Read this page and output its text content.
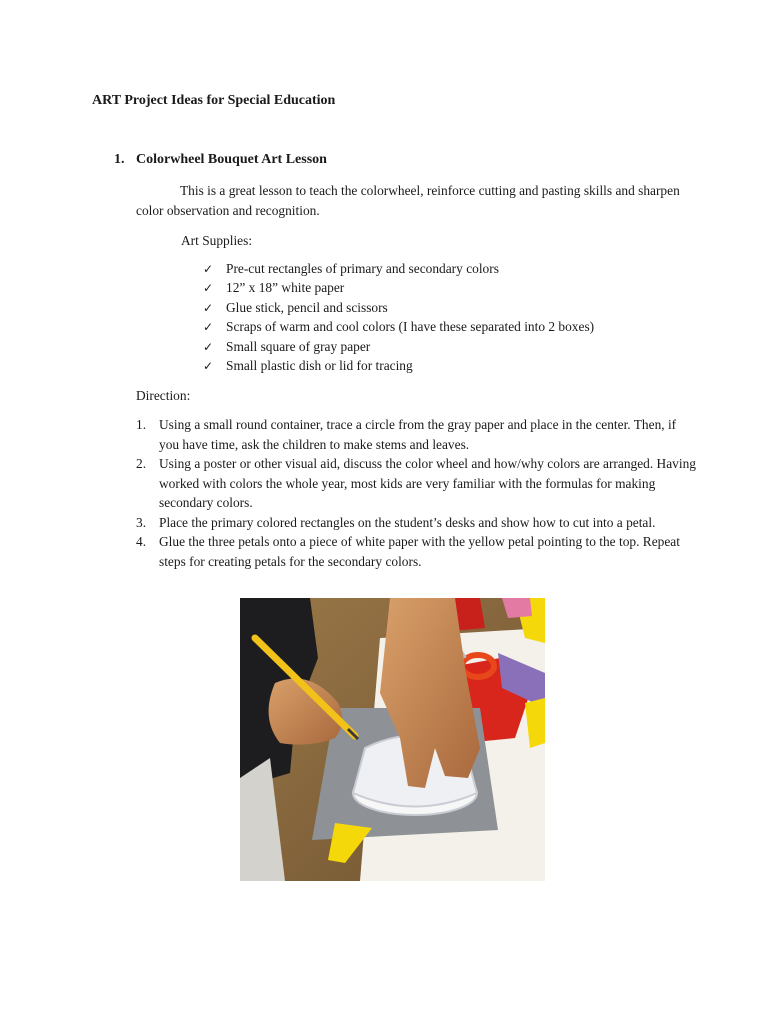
ART Project Ideas for Special Education
1. Colorwheel Bouquet Art Lesson
This is a great lesson to teach the colorwheel, reinforce cutting and pasting skills and sharpen color observation and recognition.
Art Supplies:
✓ Pre-cut rectangles of primary and secondary colors
✓ 12” x 18” white paper
✓ Glue stick, pencil and scissors
✓ Scraps of warm and cool colors (I have these separated into 2 boxes)
✓ Small square of gray paper
✓ Small plastic dish or lid for tracing
Direction:
1. Using a small round container, trace a circle from the gray paper and place in the center. Then, if you have time, ask the children to make stems and leaves.
2. Using a poster or other visual aid, discuss the color wheel and how/why colors are arranged. Having worked with colors the whole year, most kids are very familiar with the formulas for making secondary colors.
3. Place the primary colored rectangles on the student’s desks and show how to cut into a petal.
4. Glue the three petals onto a piece of white paper with the yellow petal pointing to the top. Repeat steps for creating petals for the secondary colors.
